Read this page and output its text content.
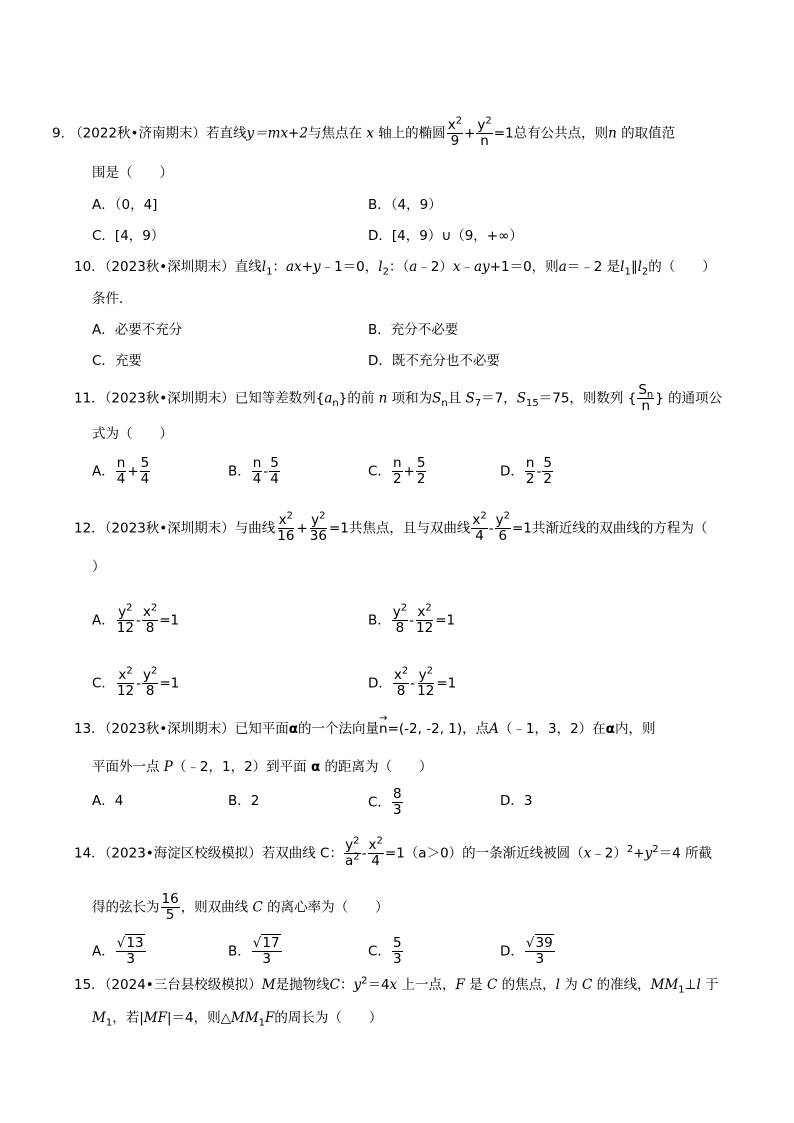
9. （2022秋•济南期末）若直线y＝mx+2与焦点在 x 轴上的椭圆 $\frac{x^2}{9} + \frac{y^2}{n} =1$总有公共点，则n 的取值范
围是（　　）
A．（0，4]	B．（4，9）
C．[4，9）	D．[4，9）∪（9，+∞）
10．（2023秋•深圳期末）直线$l_1$：ax+y﹣1＝0，$l_2$：（a﹣2）x﹣ay+1＝0，则a＝﹣2 是$l_1\parallel l_2$的（　　）
条件．
A．必要不充分	B．充分不必要
C．充要	D．既不充分也不必要
11．（2023秋•深圳期末）已知等差数列$\{a_n\}$的前 n 项和为$S_n$且 $S_7=7$，$S_{15}=75$，则数列 { $\frac{S_n}{n}$ } 的通项公
式为（　　）
A． $\frac{n}{4} + \frac{5}{4}$	B． $\frac{n}{4} - \frac{5}{4}$	C． $\frac{n}{2} + \frac{5}{2}$	D． $\frac{n}{2} - \frac{5}{2}$
12．（2023秋•深圳期末）与曲线 $\frac{x^2}{16} + \frac{y^2}{36} =1$共焦点，且与双曲线 $\frac{x^2}{4} - \frac{y^2}{6} =1$共渐近线的双曲线的方程为（
）
A． $\frac{y^2}{12} - \frac{x^2}{8} =1$	B． $\frac{y^2}{8} - \frac{x^2}{12} =1$
C． $\frac{x^2}{12} - \frac{y^2}{8} =1$	D． $\frac{x^2}{8} - \frac{y^2}{12} =1$
13．（2023秋•深圳期末）已知平面α的一个法向量
→
n=(-2, -2, 1)，点A（﹣1，3，2）在α内，则
平面外一点 P（﹣2，1，2）到平面 α 的距离为（　　）
A．4	B．2	C． $\frac{8}{3}$	D．3
14．（2023•海淀区校级模拟）若双曲线 C： $\frac{y^2}{a^2} - \frac{x^2}{4} =1(a>0)$的一条渐近线被圆$(x﹣2)^2+y^2=4$ 所截
得的弦长为 $\frac{16}{5}$ ，则双曲线 C 的离心率为（　　）
A． $\frac{√13}{3}$	B． $\frac{√17}{3}$	C． $\frac{5}{3}$	D． $\frac{√39}{3}$
15．（2024•三台县校级模拟）M是抛物线C：$y^2=4x$ 上一点，F 是 C 的焦点，l 为 C 的准线，$MM_1\perp l$ 于
$M_1$，若|MF|＝4，则$\triangle MM_1F$的周长为（　　）
